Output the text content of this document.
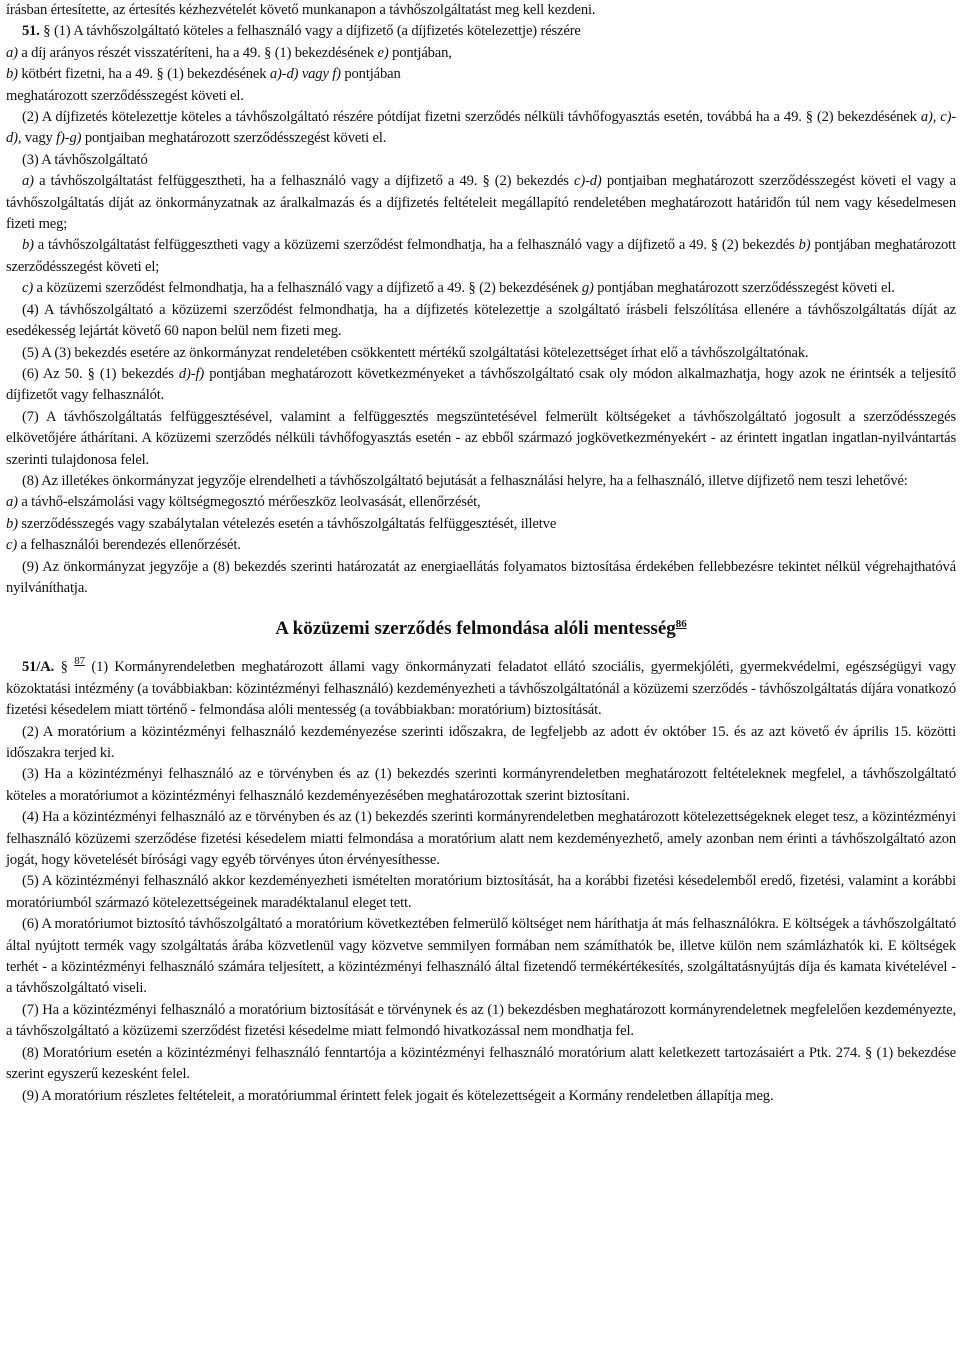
írásban értesítette, az értesítés kézhezvételét követő munkanapon a távhőszolgáltatást meg kell kezdeni.

51. § (1) A távhőszolgáltató köteles a felhasználó vagy a díjfizető (a díjfizetés kötelezettje) részére

a) a díj arányos részét visszatéríteni, ha a 49. § (1) bekezdésének e) pontjában,

b) kötbért fizetni, ha a 49. § (1) bekezdésének a)-d) vagy f) pontjában

meghatározott szerződésszegést követi el.

(2) A díjfizetés kötelezettje köteles a távhőszolgáltató részére pótdíjat fizetni szerződés nélküli távhőfogyasztás esetén, továbbá ha a 49. § (2) bekezdésének a), c)-d), vagy f)-g) pontjaiban meghatározott szerződésszegést követi el.

(3) A távhőszolgáltató

a) a távhőszolgáltatást felfüggesztheti, ha a felhasználó vagy a díjfizető a 49. § (2) bekezdés c)-d) pontjaiban meghatározott szerződésszegést követi el vagy a távhőszolgáltatás díját az önkormányzatnak az áralkalmazás és a díjfizetés feltételeit megállapító rendeletében meghatározott határidőn túl nem vagy késedelmesen fizeti meg;

b) a távhőszolgáltatást felfüggesztheti vagy a közüzemi szerződést felmondhatja, ha a felhasználó vagy a díjfizető a 49. § (2) bekezdés b) pontjában meghatározott szerződésszegést követi el;

c) a közüzemi szerződést felmondhatja, ha a felhasználó vagy a díjfizető a 49. § (2) bekezdésének g) pontjában meghatározott szerződésszegést követi el.

(4) A távhőszolgáltató a közüzemi szerződést felmondhatja, ha a díjfizetés kötelezettje a szolgáltató írásbeli felszólítása ellenére a távhőszolgáltatás díját az esedékesség lejártát követő 60 napon belül nem fizeti meg.

(5) A (3) bekezdés esetére az önkormányzat rendeletében csökkentett mértékű szolgáltatási kötelezettséget írhat elő a távhőszolgáltatónak.

(6) Az 50. § (1) bekezdés d)-f) pontjában meghatározott következményeket a távhőszolgáltató csak oly módon alkalmazhatja, hogy azok ne érintsék a teljesítő díjfizetőt vagy felhasználót.

(7) A távhőszolgáltatás felfüggesztésével, valamint a felfüggesztés megszüntetésével felmerült költségeket a távhőszolgáltató jogosult a szerződésszegés elkövetőjére áthárítani. A közüzemi szerződés nélküli távhőfogyasztás esetén - az ebből származó jogkövetkezményekért - az érintett ingatlan ingatlan-nyilvántartás szerinti tulajdonosa felel.

(8) Az illetékes önkormányzat jegyzője elrendelheti a távhőszolgáltató bejutását a felhasználási helyre, ha a felhasználó, illetve díjfizető nem teszi lehetővé:

a) a távhő-elszámolási vagy költségmegosztó mérőeszköz leolvasását, ellenőrzését,

b) szerződésszegés vagy szabálytalan vételezés esetén a távhőszolgáltatás felfüggesztését, illetve

c) a felhasználói berendezés ellenőrzését.

(9) Az önkormányzat jegyzője a (8) bekezdés szerinti határozatát az energiaellátás folyamatos biztosítása érdekében fellebbezésre tekintet nélkül végrehajthatóvá nyilváníthatja.

A közüzemi szerződés felmondása alóli mentesség$^{86}$

51/A. § $^{87}$ (1) Kormányrendeletben meghatározott állami vagy önkormányzati feladatot ellátó szociális, gyermekjóléti, gyermekvédelmi, egészségügyi vagy közoktatási intézmény (a továbbiakban: közintézményi felhasználó) kezdeményezheti a távhőszolgáltatónál a közüzemi szerződés - távhőszolgáltatás díjára vonatkozó fizetési késedelem miatt történő - felmondása alóli mentesség (a továbbiakban: moratórium) biztosítását.

(2) A moratórium a közintézményi felhasználó kezdeményezése szerinti időszakra, de legfeljebb az adott év október 15. és az azt követő év április 15. közötti időszakra terjed ki.

(3) Ha a közintézményi felhasználó az e törvényben és az (1) bekezdés szerinti kormányrendeletben meghatározott feltételeknek megfelel, a távhőszolgáltató köteles a moratóriumot a közintézményi felhasználó kezdeményezésében meghatározottak szerint biztosítani.

(4) Ha a közintézményi felhasználó az e törvényben és az (1) bekezdés szerinti kormányrendeletben meghatározott kötelezettségeknek eleget tesz, a közintézményi felhasználó közüzemi szerződése fizetési késedelem miatti felmondása a moratórium alatt nem kezdeményezhető, amely azonban nem érinti a távhőszolgáltató azon jogát, hogy követelését bírósági vagy egyéb törvényes úton érvényesíthesse.

(5) A közintézményi felhasználó akkor kezdeményezheti ismételten moratórium biztosítását, ha a korábbi fizetési késedelemből eredő, fizetési, valamint a korábbi moratóriumból származó kötelezettségeinek maradéktalanul eleget tett.

(6) A moratóriumot biztosító távhőszolgáltató a moratórium következtében felmerülő költséget nem háríthatja át más felhasználókra. E költségek a távhőszolgáltató által nyújtott termék vagy szolgáltatás árába közvetlenül vagy közvetve semmilyen formában nem számíthatók be, illetve külön nem számlázhatók ki. E költségek terhét - a közintézményi felhasználó számára teljesített, a közintézményi felhasználó által fizetendő termékértékesítés, szolgáltatásnyújtás díja és kamata kivételével - a távhőszolgáltató viseli.

(7) Ha a közintézményi felhasználó a moratórium biztosítását e törvénynek és az (1) bekezdésben meghatározott kormányrendeletnek megfelelően kezdeményezte, a távhőszolgáltató a közüzemi szerződést fizetési késedelme miatt felmondó hivatkozással nem mondhatja fel.

(8) Moratórium esetén a közintézményi felhasználó fenntartója a közintézményi felhasználó moratórium alatt keletkezett tartozásaiért a Ptk. 274. § (1) bekezdése szerint egyszerű kezesként felel.

(9) A moratórium részletes feltételeit, a moratóriummal érintett felek jogait és kötelezettségeit a Kormány rendeletben állapítja meg.
